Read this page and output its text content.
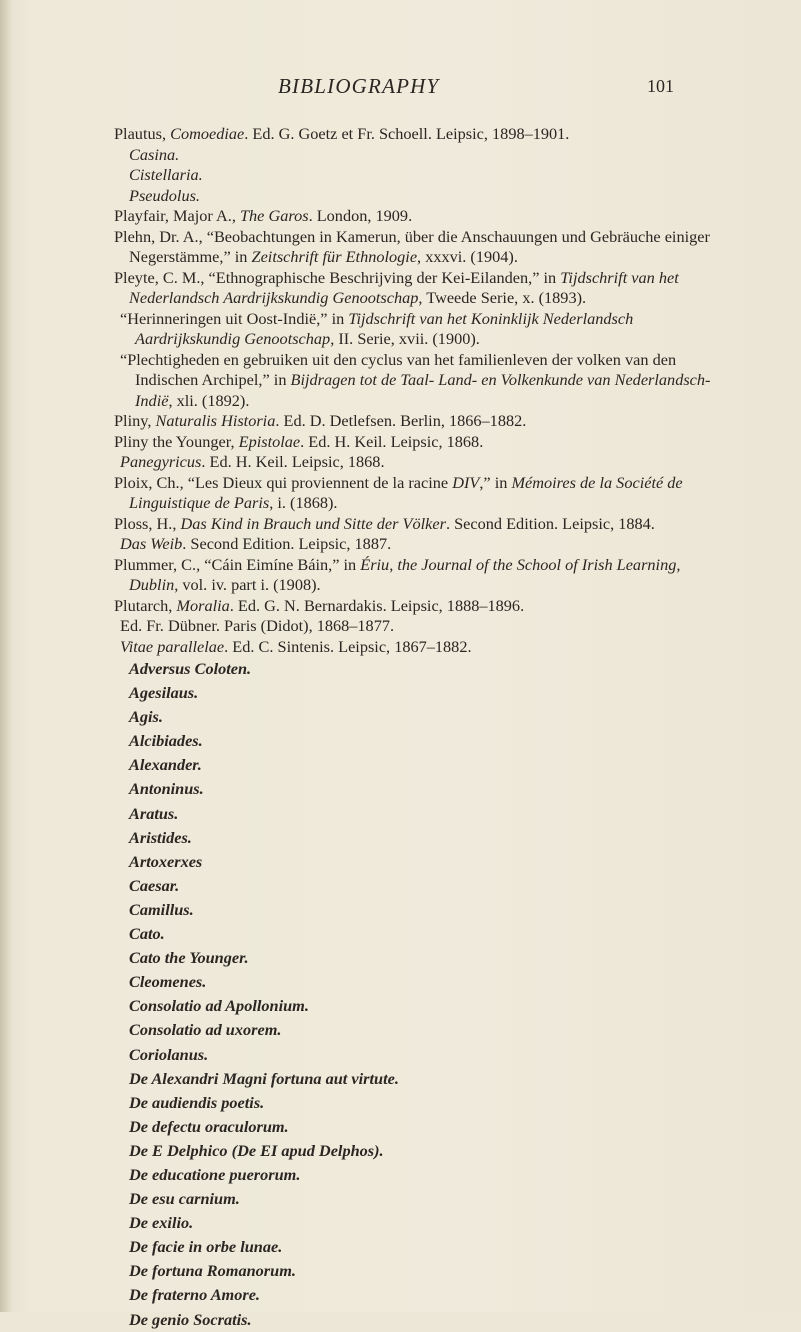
BIBLIOGRAPHY	101
Plautus, Comoediae. Ed. G. Goetz et Fr. Schoell. Leipsic, 1898–1901.
Casina.
Cistellaria.
Pseudolus.
Playfair, Major A., The Garos. London, 1909.
Plehn, Dr. A., “Beobachtungen in Kamerun, über die Anschauungen und Gebräuche einiger Negerstämme,” in Zeitschrift für Ethnologie, xxxvi. (1904).
Pleyte, C. M., “Ethnographische Beschrijving der Kei-Eilanden,” in Tijdschrift van het Nederlandsch Aardrijkskundig Genootschap, Tweede Serie, x. (1893).
“Herinneringen uit Oost-Indië,” in Tijdschrift van het Koninklijk Nederlandsch Aardrijkskundig Genootschap, II. Serie, xvii. (1900).
“Plechtigheden en gebruiken uit den cyclus van het familienleven der volken van den Indischen Archipel,” in Bijdragen tot de Taal- Land- en Volkenkunde van Nederlandsch-Indië, xli. (1892).
Pliny, Naturalis Historia. Ed. D. Detlefsen. Berlin, 1866–1882.
Pliny the Younger, Epistolae. Ed. H. Keil. Leipsic, 1868.
Panegyricus. Ed. H. Keil. Leipsic, 1868.
Ploix, Ch., “Les Dieux qui proviennent de la racine DIV,” in Mémoires de la Société de Linguistique de Paris, i. (1868).
Ploss, H., Das Kind in Brauch und Sitte der Völker. Second Edition. Leipsic, 1884.
Das Weib. Second Edition. Leipsic, 1887.
Plummer, C., “Cáin Eimíne Báin,” in Ériu, the Journal of the School of Irish Learning, Dublin, vol. iv. part i. (1908).
Plutarch, Moralia. Ed. G. N. Bernardakis. Leipsic, 1888–1896.
Ed. Fr. Dübner. Paris (Didot), 1868–1877.
Vitae parallelae. Ed. C. Sintenis. Leipsic, 1867–1882.
Adversus Coloten.
Agesilaus.
Agis.
Alcibiades.
Alexander.
Antoninus.
Aratus.
Aristides.
Artoxerxes
Caesar.
Camillus.
Cato.
Cato the Younger.
Cleomenes.
Consolatio ad Apollonium.
Consolatio ad uxorem.
Coriolanus.
De Alexandri Magni fortuna aut virtute.
De audiendis poetis.
De defectu oraculorum.
De E Delphico (De EI apud Delphos).
De educatione puerorum.
De esu carnium.
De exilio.
De facie in orbe lunae.
De fortuna Romanorum.
De fraterno Amore.
De genio Socratis.
